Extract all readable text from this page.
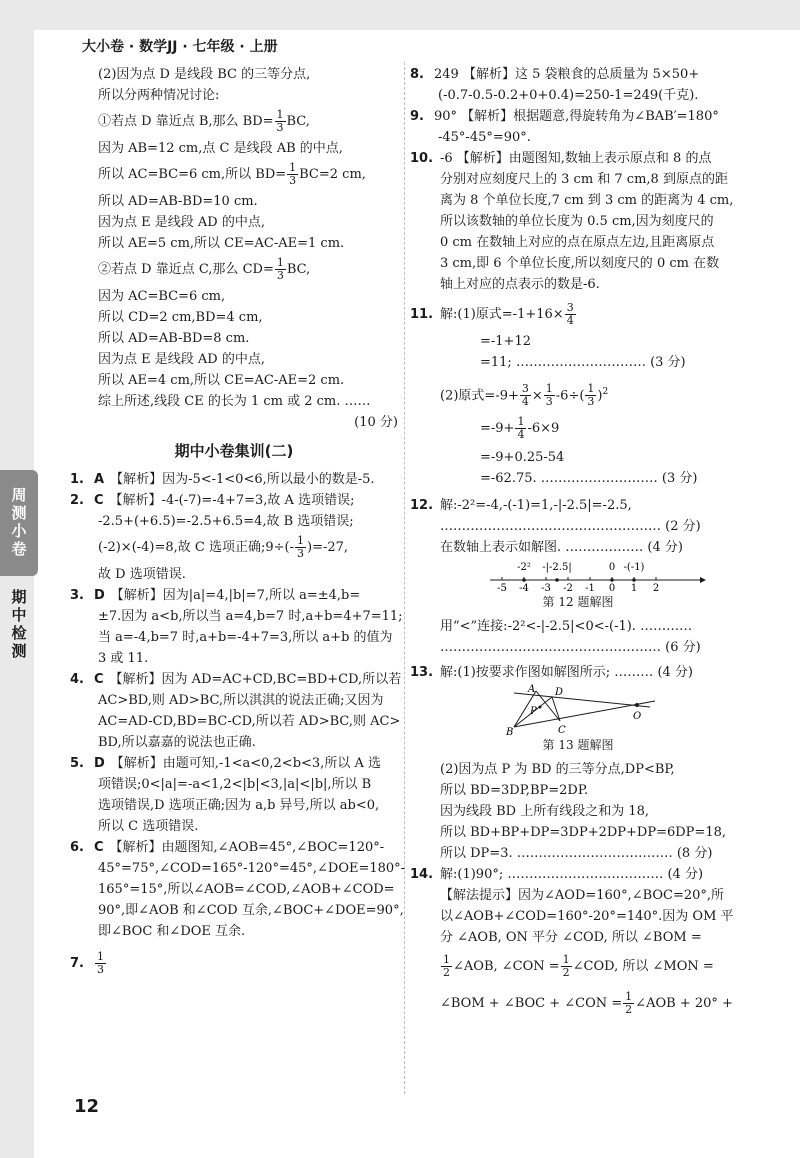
大小卷 · 数学JJ · 七年级 · 上册
周测小卷
期中检测
(2)因为点 D 是线段 BC 的三等分点,
所以分两种情况讨论:
①若点 D 靠近点 B,那么 $BD= \frac{1}{3}$ BC,
因为 AB=12 cm,点 C 是线段 AB 的中点,
所以 AC=BC=6 cm,所以 $BD= \frac{1}{3} BC=2$ cm,
所以 AD=AB-BD=10 cm.
因为点 E 是线段 AD 的中点,
所以 AE=5 cm,所以 CE=AC-AE=1 cm.
②若点 D 靠近点 C,那么 $CD= \frac{1}{3}$ BC,
因为 AC=BC=6 cm,
所以 CD=2 cm,BD=4 cm,
所以 AD=AB-BD=8 cm.
因为点 E 是线段 AD 的中点,
所以 AE=4 cm,所以 CE=AC-AE=2 cm.
综上所述,线段 CE 的长为 1 cm 或 2 cm. ……
(10 分)
期中小卷集训(二)
1. A 【解析】因为-5<-1<0<6,所以最小的数是-5.
2. C 【解析】-4-(-7)=-4+7=3,故 A 选项错误;
-2.5+(+6.5)=-2.5+6.5=4,故 B 选项错误;
(-2)×(-4)=8,故 C 选项正确;9÷(- $\frac{1}{3} )=-27$,
故 D 选项错误.
3. D 【解析】因为|a|=4,|b|=7,所以 a=±4,b=
±7.因为 a<b,所以当 a=4,b=7 时,a+b=4+7=11;
当 a=-4,b=7 时,a+b=-4+7=3,所以 a+b 的值为
3 或 11.
4. C 【解析】因为 AD=AC+CD,BC=BD+CD,所以若
AC>BD,则 AD>BC,所以淇淇的说法正确;又因为
AC=AD-CD,BD=BC-CD,所以若 AD>BC,则 AC>
BD,所以嘉嘉的说法也正确.
5. D 【解析】由题可知,-1<a<0,2<b<3,所以 A 选
项错误;0<|a|=-a<1,2<|b|<3,|a|<|b|,所以 B
选项错误,D 选项正确;因为 a,b 异号,所以 ab<0,
所以 C 选项错误.
6. C 【解析】由题图知,∠AOB=45°,∠BOC=120°-
45°=75°,∠COD=165°-120°=45°,∠DOE=180°-
165°=15°,所以∠AOB=∠COD,∠AOB+∠COD=
90°,即∠AOB 和∠COD 互余,∠BOC+∠DOE=90°,
即∠BOC 和∠DOE 互余.
7. $\frac{1}{3}$
8. 249 【解析】这 5 袋粮食的总质量为 5×50+
(-0.7-0.5-0.2+0+0.4)=250-1=249(千克).
9. 90° 【解析】根据题意,得旋转角为∠BAB′=180°
-45°-45°=90°.
10. -6 【解析】由题图知,数轴上表示原点和 8 的点
分别对应刻度尺上的 3 cm 和 7 cm,8 到原点的距
离为 8 个单位长度,7 cm 到 3 cm 的距离为 4 cm,
所以该数轴的单位长度为 0.5 cm,因为刻度尺的
0 cm 在数轴上对应的点在原点左边,且距离原点
3 cm,即 6 个单位长度,所以刻度尺的 0 cm 在数
轴上对应的点表示的数是-6.
11. 解:(1)原式$=-1+16\times \frac{3}{4}$
=-1+12
=11; ………………………… (3 分)
(2)原式$=-9+ \frac{3}{4} \times \frac{1}{3} -6\div( \frac{1}{3} )^2$
$=-9+ \frac{1}{4} -6\times 9$
=-9+0.25-54
=-62.75. ……………………… (3 分)
12. 解:-2²=-4,-(-1)=1,-|-2.5|=-2.5,
…………………………………………… (2 分)
在数轴上表示如解图. ……………… (4 分)
-5 -4 -3 -2 -1 0 1 2
-2² -|-2.5|	0 -(-1)
第 12 题解图
用“<”连接:-2²<-|-2.5|<0<-(-1). …………
…………………………………………… (6 分)
13. 解:(1)按要求作图如解图所示; ……… (4 分)
A D
P
B	C
O
第 13 题解图
(2)因为点 P 为 BD 的三等分点,DP<BP,
所以 BD=3DP,BP=2DP.
因为线段 BD 上所有线段之和为 18,
所以 BD+BP+DP=3DP+2DP+DP=6DP=18,
所以 DP=3. ……………………………… (8 分)
14. 解:(1)90°; ……………………………… (4 分)
【解法提示】因为∠AOD=160°,∠BOC=20°,所
以∠AOB+∠COD=160°-20°=140°.因为 OM 平
分 ∠AOB, ON 平分 ∠COD, 所以 ∠BOM =
$\frac{1}{2}$ ∠AOB, ∠CON = $\frac{1}{2}$ ∠COD, 所以 ∠MON =
∠BOM + ∠BOC + ∠CON = $\frac{1}{2}$ ∠AOB + 20° +
12
